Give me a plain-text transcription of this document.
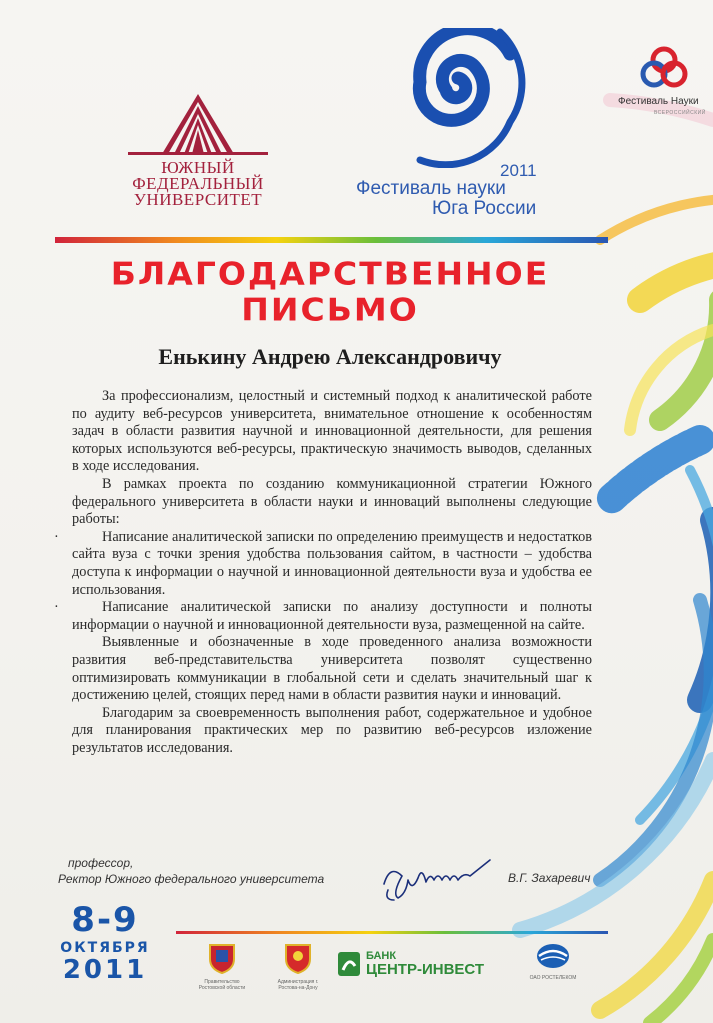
ЮЖНЫЙ
ФЕДЕРАЛЬНЫЙ
УНИВЕРСИТЕТ
2011
Фестиваль науки
Юга России
Фестиваль Науки
ВСЕРОССИЙСКИЙ
БЛАГОДАРСТВЕННОЕ
ПИСЬМО
Енькину Андрею Александровичу

За профессионализм, целостный и системный подход к аналитической работе по аудиту веб-ресурсов университета, внимательное отношение к особенностям задач в области развития научной и инновационной деятельности, для решения которых используются веб-ресурсы, практическую значимость выводов, сделанных в ходе исследования.

В рамках проекта по созданию коммуникационной стратегии Южного федерального университета в области науки и инноваций выполнены следующие работы:

· Написание аналитической записки по определению преимуществ и недостатков сайта вуза с точки зрения удобства пользования сайтом, в частности – удобства доступа к информации о научной и инновационной деятельности вуза и удобства ее использования.

· Написание аналитической записки по анализу доступности и полноты информации о научной и инновационной деятельности вуза, размещенной на сайте.

Выявленные и обозначенные в ходе проведенного анализа возможности развития веб-представительства университета позволят существенно оптимизировать коммуникации в глобальной сети и сделать значительный шаг к достижению целей, стоящих перед нами в области развития науки и инноваций.

Благодарим за своевременность выполнения работ, содержательное и удобное для планирования практических мер по развитию веб-ресурсов изложение результатов исследования.

профессор,
Ректор Южного федерального университета	В.Г. Захаревич
8-9
ОКТЯБРЯ
2011	Правительство Ростовской области
Администрация г. Ростова-на-Дону
БАНК
ЦЕНТР-ИНВЕСТ	ОАО РОСТЕЛЕКОМ
